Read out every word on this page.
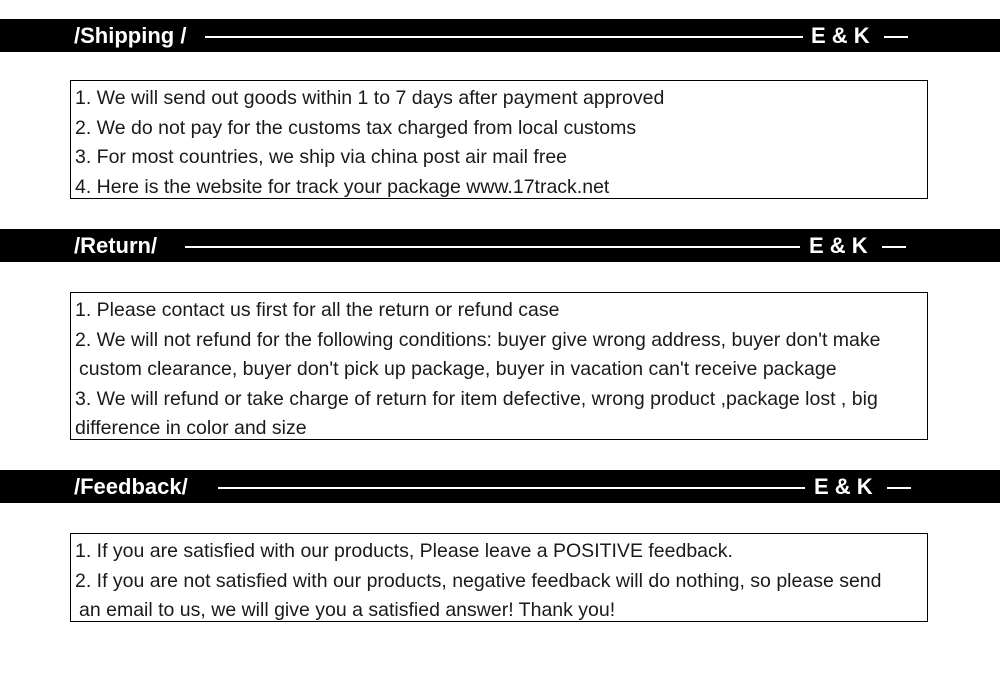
/Shipping /	E & K
1. We will send out goods within 1 to 7 days after payment approved
2. We do not pay for the customs tax charged from local customs
3. For most countries, we ship via china post air mail free
4. Here is the website for track your package www.17track.net
/Return/	E & K
1. Please contact us first for all the return or refund case
2. We will not refund for the following conditions: buyer give wrong address, buyer don't make
custom clearance, buyer don't pick up package, buyer in vacation can't receive package
3. We will refund or take charge of return for item defective, wrong product ,package lost , big
difference in color and size
/Feedback/	E & K
1. If you are satisfied with our products, Please leave a POSITIVE feedback.
2. If you are not satisfied with our products, negative feedback will do nothing, so please send
an email to us, we will give you a satisfied answer! Thank you!
